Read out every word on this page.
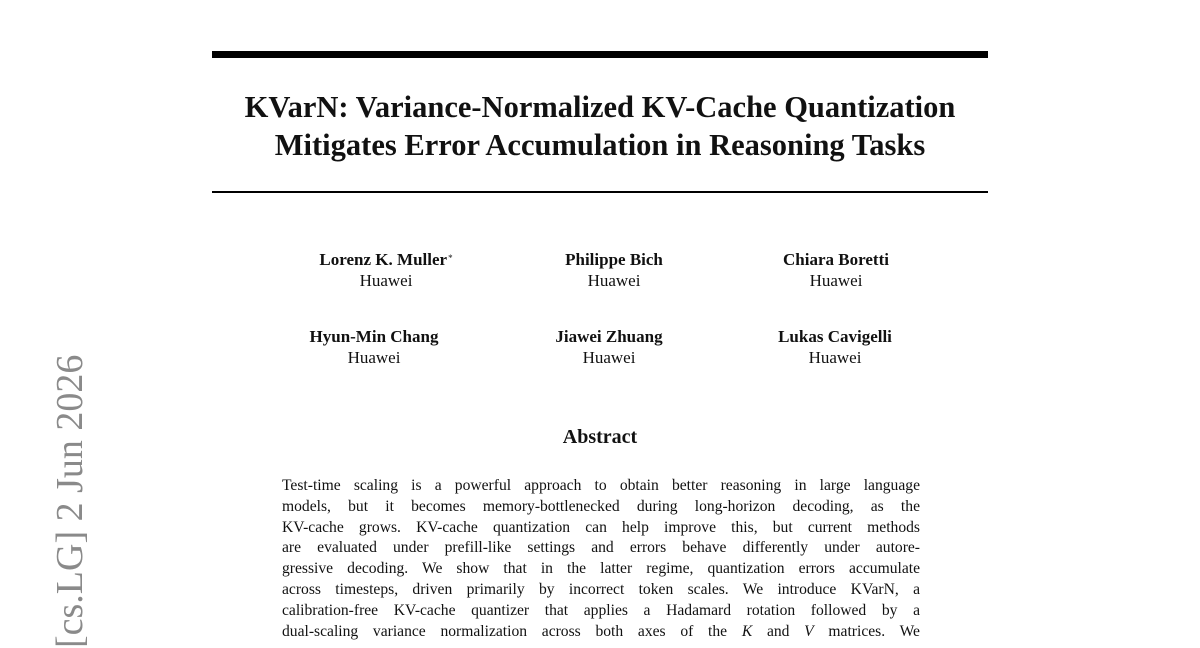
KVarN: Variance-Normalized KV-Cache Quantization
Mitigates Error Accumulation in Reasoning Tasks
Lorenz K. Muller*
Huawei
Philippe Bich
Huawei
Chiara Boretti
Huawei
Hyun-Min Chang
Huawei
Jiawei Zhuang
Huawei
Lukas Cavigelli
Huawei
Abstract
Test-time scaling is a powerful approach to obtain better reasoning in large language
models, but it becomes memory-bottlenecked during long-horizon decoding, as the
KV-cache grows. KV-cache quantization can help improve this, but current methods
are evaluated under prefill-like settings and errors behave differently under autore-
gressive decoding. We show that in the latter regime, quantization errors accumulate
across timesteps, driven primarily by incorrect token scales. We introduce KVarN, a
calibration-free KV-cache quantizer that applies a Hadamard rotation followed by a
dual-scaling variance normalization across both axes of the K and V matrices. We
[cs.LG] 2 Jun 2026
